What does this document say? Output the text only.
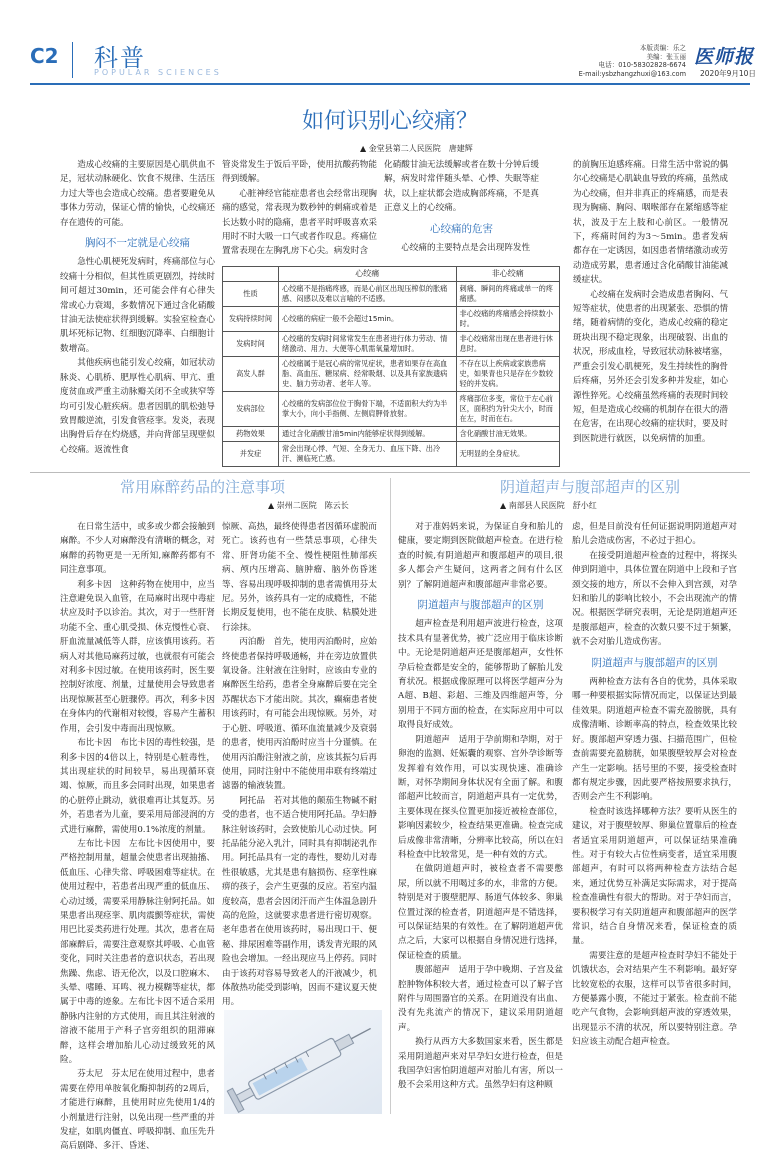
C2 科普
POPULAR SCIENCES
本版责编：乐之
美编：张玉丽
电话：010-58302828-6674
E-mail:ysbzhangzhuxi@163.com
医师报
2020年9月10日
如何识别心绞痛？
▲ 金堂县第二人民医院　唐建辉

造成心绞痛的主要原因是心肌供血不足，冠状动脉硬化、饮食不规律、生活压力过大等也会造成心绞痛。患者要避免从事体力劳动，保证心情的愉快，心绞痛还存在遗传的可能。

胸闷不一定就是心绞痛

急性心肌梗死发病时，疼痛部位与心绞痛十分相似，但其性质更剧烈，持续时间可超过30min，还可能会伴有心律失常或心力衰竭，多数情况下通过含化硝酸甘油无法使症状得到缓解。实验室检查心肌坏死标记物、红细胞沉降率、白细胞计数增高。

其他疾病也能引发心绞痛，如冠状动脉炎、心肌桥、肥厚性心肌病、甲亢、重度贫血或严重主动脉瓣关闭不全或狭窄等均可引发心脏疾病。患者因肌的肌松弛导致胃酸逆流，引发食管痉挛。发炎，表现出胸骨后存在灼烧感，并向背部呈现壁似心绞痛。返流性食

管炎常发生于饭后平卧，使用抗酸药物能得到缓解。

心脏神经官能症患者也会经常出现胸痛的感觉，常表现为数秒钟的刺痛或着是长达数小时的隐痛，患者平时呼吸喜欢采用时不时大吸一口气或者作叹息。疼痛位置常表现在左胸乳房下心尖。病发时含

化硝酸甘油无法缓解或者在数十分钟后缓解，病发时常伴随头晕、心悸、失眠等症状，以上症状都会造成胸部疼痛，不是真正意义上的心绞痛。

心绞痛的危害

心绞痛的主要特点是会出现阵发性

的前胸压迫感疼痛。日常生活中常说的偶尔心绞痛是心肌缺血导致的疼痛，虽然成为心绞痛，但并非真正的疼痛感，而是表现为胸痛、胸闷、咽喉部存在紧缩感等症状，波及于左上肢和心前区。一般情况下，疼痛时间约为3～5min。患者发病都存在一定诱因，如因患者情绪激动或劳动造成劳累，患者通过含化硝酸甘油能减缓症状。

心绞痛在发病时会造成患者胸闷、气短等症状，使患者的出现紧张、恐惧的情绪，随着病情的变化，造成心绞痛的稳定斑块出现不稳定现象，出现破裂、出血的状况，形成血栓，导致冠状动脉被堵塞，严重会引发心肌梗死，发生持续性的胸骨后疼痛，另外还会引发多种并发症，如心源性猝死。心绞痛虽然疼痛的表现时间较短，但是造成心绞痛的机制存在很大的潜在危害，在出现心绞痛的症状时，要及时到医院进行就医，以免病情的加重。

	心绞痛	非心绞痛
性质	心绞痛不是指痛疼感，而是心前区出现压榨似的胀痛感、闷感以及难以言喻的不适感。	刺痛、瞬间的疼痛或单一的疼痛感。
发病持续时间	心绞痛的病症一般不会超过15min。	非心绞痛的疼痛感会持续数小时。
发病时间	心绞痛的发病时间常常发生在患者进行体力劳动、情绪激动、用力、大便等心肌需氧量增加时。	非心绞痛常出现在患者进行休息时。
高发人群	心绞痛属于是冠心病的常见症状，患者如果存在高血脂、高血压、糖尿病、经常吸烟、以及具有家族遗病史、脑力劳动者、老年人等。	不存在以上疾病或家族患病史，如果青也只是存在少数较轻的并发病。
发病部位	心绞痛的发病部位位于胸骨下端，不适面积大约为半掌大小，向小手指侧、左侧肩胛骨放射。	疼痛部位多变，常位于左心前区，面积约为针尖大小，时而在左，时而在右。
药物效果	通过含化硝酸甘油5min内能够症状得到缓解。	含化硝酸甘油无效果。
并发症	常会出现心悸、气短、全身无力、血压下降、出冷汗、濒临死亡感。	无明显的全身症状。
常用麻醉药品的注意事项
▲ 崇州二医院　陈云长

在日常生活中，或多或少都会接触到麻醉。不少人对麻醉没有清晰的概念，对麻醉的药物更是一无所知,麻醉药都有不同注意事项。

利多卡因　这种药物在使用中，应当注意避免误入血管，在局麻时出现中毒症状应及时予以诊治。其次，对于一些肝肾功能不全、重心肌受损、休克慢性心衰、肝血流量减低等人群，应该慎用该药。若病人对其他局麻药过敏，也就很有可能会对利多卡因过敏。在使用该药时，医生要控制好浓度、剂量，过量使用会导致患者出现惊厥甚至心脏骤停。再次，利多卡因在身体内的代谢相对较慢，容易产生蓄积作用，会引发中毒而出现惊厥。

布比卡因　布比卡因的毒性较强，是利多卡因的4倍以上，特别是心脏毒性，其出现症状的时间较早，易出现循环衰竭、惊厥，而且多会同时出现，如果患者的心脏停止跳动，就很难再让其复苏。另外，若患者为儿童，要采用局部浸润的方式进行麻醉，需使用0.1%浓度的剂量。

左布比卡因　左布比卡因使用中，要严格控制用量，超量会使患者出现抽搐、低血压、心律失常、呼吸困难等症状。在使用过程中，若患者出现严重的低血压、心动过缓，需要采用静脉注射阿托品。如果患者出现痉挛、肌肉震颤等症状，需使用巴比妥类药进行处理。其次，患者在局部麻醉后，需要注意观察其呼吸、心血管变化，同时关注患者的意识状态，若出现焦躁、焦虑、语无伦次，以及口腔麻木、头晕、嗜睡、耳鸣、视力模糊等症状，都属于中毒的迹象。左布比卡因不适合采用静脉内注射的方式使用，而且其注射液的溶液不能用于产科子宫旁组织的阻滞麻醉，这样会增加胎儿心动过缓致死的风险。

芬太尼　芬太尼在使用过程中，患者需要在停用单胺氧化酶抑制药的2周后，才能进行麻醉，且使用时应先使用1/4的小剂量进行注射，以免出现一些严重的并发症，如肌肉僵直、呼吸抑制、血压先升高后剧降、多汗、昏迷、

惊厥、高热，最终使得患者因循环虚脱而死亡。该药也有一些禁忌事项，心律失常、肝肾功能不全、慢性梗阻性肺部疾病、颅内压增高、脑肿瘤、脑外伤昏迷等、容易出现呼吸抑制的患者需慎用芬太尼。另外，该药具有一定的成瘾性，不能长期反复使用，也不能在皮肤、粘膜处进行涂抹。

丙泊酚　首先，使用丙泊酚时，应始终使患者保持呼吸通畅，并在旁边放置供氧设备。注射液在注射时，应该由专业的麻醉医生给药，患者全身麻醉后要在完全苏醒状态下才能出院。其次，癫痫患者使用该药时，有可能会出现惊厥。另外，对于心脏、呼吸道、循环血流量减少及衰弱的患者，使用丙泊酚时应当十分谨慎。在使用丙泊酚注射液之前，应该其振匀后再使用，同时注射中不能使用串联有终端过滤器的输液装置。

阿托品　若对其他的颠茄生物碱不耐受的患者，也不适合使用阿托品。孕妇静脉注射该药时，会致使胎儿心动过快。阿托品能分泌入乳汁，同时具有抑制泌乳作用。阿托品具有一定的毒性，婴幼儿对毒性很敏感，尤其是患有脑损伤、痉挛性麻痹的孩子，会产生更强的反应。若室内温度较高，患者会因闭汗而产生体温急剧升高的危险，这就要求患者进行密切观察。老年患者在使用该药时，易出现口干、便秘、排尿困难等副作用，诱发青光眼的风险也会增加。一经出现应马上停药。同时由于该药对容易导致老人的汗液减少，机体散热功能受到影响，因而不建议夏天使用。

阴道超声与腹部超声的区别
▲ 南部县人民医院　舒小红

对于准妈妈来说，为保证自身和胎儿的健康，要定期到医院做超声检查。在进行检查的时候,有阴道超声和腹部超声的项目,很多人都会产生疑问，这两者之间有什么区别？了解阴道超声和腹部超声非常必要。

阴道超声与腹部超声的区别

超声检查是利用超声波进行检查，这项技术具有显著优势，被广泛应用于临床诊断中。无论是阴道超声还是腹部超声，女性怀孕后检查都是安全的，能够帮助了解胎儿发育状况。根据成像原理可以将医学超声分为A超、B超、彩超、三维及四维超声等，分别用于不同方面的检查，在实际应用中可以取得良好成效。

阴道超声　适用于孕前期和孕期，对于卵泡的监测、妊娠囊的观察、宫外孕诊断等发挥着有效作用，可以实现快速、准确诊断，对怀孕期间身体状况有全面了解。和腹部超声比较而言，阴道超声具有一定优势，主要体现在探头位置更加接近被检查部位，影响因素较少，检查结果更准确。检查完成后成像非常清晰，分辨率比较高，所以在妇科检查中比较常见，是一种有效的方式。

在做阴道超声时，被检查者不需要憋尿，所以就不用喝过多的水，非常的方便。特别是对于腹壁肥厚、肠道气体较多、卵巢位置过深的检查者，阴道超声是不错选择，可以保证结果的有效性。在了解阴道超声优点之后，大家可以根据自身情况进行选择，保证检查的质量。

腹部超声　适用于孕中晚期、子宫及盆腔肿物体积较大者，通过检查可以了解子宫附件与周围器官的关系。在阴道没有出血、没有先兆流产的情况下，建议采用阴道超声。

换行从西方大多数国家来看，医生都是采用阴道超声来对早孕妇女进行检查，但是我国孕妇害怕阴道超声对胎儿有害，所以一般不会采用这种方式。虽然孕妇有这种顾

虑，但是目前没有任何证据说明阴道超声对胎儿会造成伤害，不必过于担心。

在接受阴道超声检查的过程中，将探头伸到阴道中，具体位置在阴道中上段和子宫颈交接的地方，所以不会伸入到宫颈，对孕妇和胎儿的影响比较小，不会出现流产的情况。根据医学研究表明，无论是阴道超声还是腹部超声，检查的次数只要不过于频繁，就不会对胎儿造成伤害。

阴道超声与腹部超声的区别

两种检查方法有各自的优势，具体采取哪一种要根据实际情况而定，以保证达到最佳效果。阴道超声检查不需充盈膀胱，具有成像清晰、诊断率高的特点，检查效果比较好。腹部超声穿透力强、扫描范围广，但检查前需要充盈膀胱，如果腹壁较厚会对检查产生一定影响。括号里的不要，接受检查时都有规定步骤，因此要严格按照要求执行，否则会产生不利影响。

检查时该选择哪种方法？要听从医生的建议，对于腹壁较厚、卵巢位置靠后的检查者适宜采用阴道超声，可以保证结果准确性。对于有较大占位性病变者，适宜采用腹部超声，有时可以将两种检查方法结合起来，通过优势互补满足实际需求，对于提高检查准确性有很大的帮助。对于孕妇而言，要积极学习有关阴道超声和腹部超声的医学常识，结合自身情况来看，保证检查的质量。

需要注意的是超声检查时孕妇不能处于饥饿状态，会对结果产生不利影响。最好穿比较宽松的衣服，这样可以节省很多时间，方便暴露小腹，不能过于紧张。检查前不能吃产气食物，会影响到超声波的穿透效果，出现显示不清的状况，所以要特别注意。孕妇应该主动配合超声检查。
